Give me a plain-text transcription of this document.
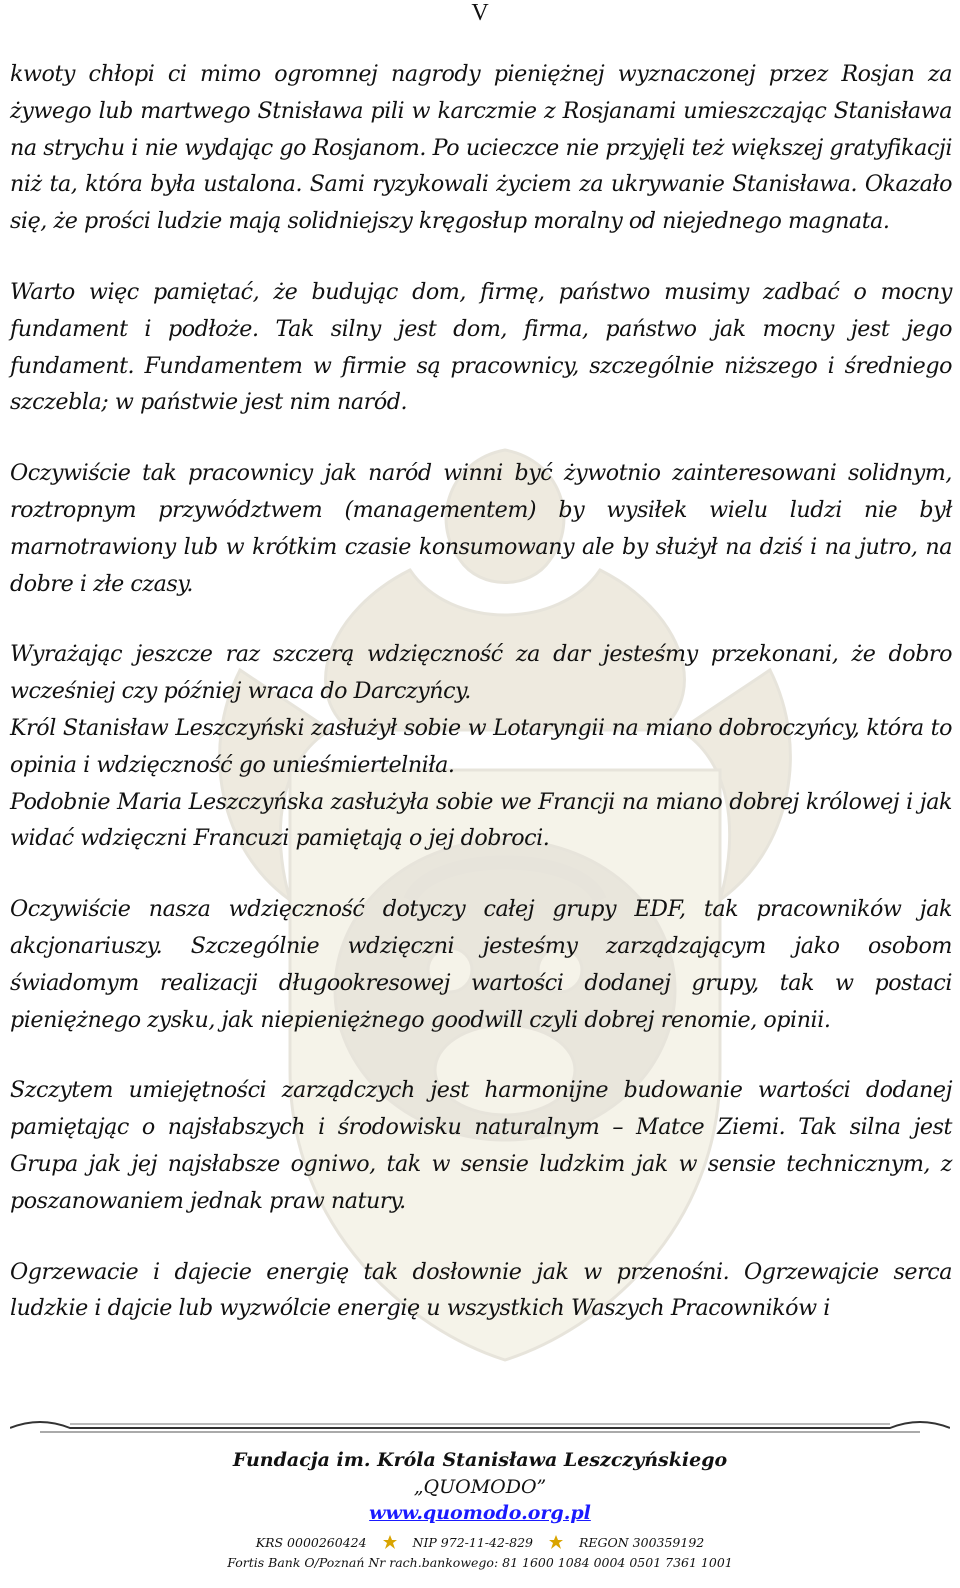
V

kwoty chłopi ci mimo ogromnej nagrody pieniężnej wyznaczonej przez Rosjan za żywego lub martwego Stnisława pili w karczmie z Rosjanami umieszczając Stanisława na strychu i nie wydając go Rosjanom. Po ucieczce nie przyjęli też większej gratyfikacji niż ta, która była ustalona. Sami ryzykowali życiem za ukrywanie Stanisława. Okazało się, że prości ludzie mają solidniejszy kręgosłup moralny od niejednego magnata.

Warto więc pamiętać, że budując dom, firmę, państwo musimy zadbać o mocny fundament i podłoże. Tak silny jest dom, firma, państwo jak mocny jest jego fundament. Fundamentem w firmie są pracownicy, szczególnie niższego i średniego szczebla; w państwie jest nim naród.

Oczywiście tak pracownicy jak naród winni być żywotnio zainteresowani solidnym, roztropnym przywództwem (managementem) by wysiłek wielu ludzi nie był marnotrawiony lub w krótkim czasie konsumowany ale by służył na dziś i na jutro, na dobre i złe czasy.

Wyrażając jeszcze raz szczerą wdzięczność za dar jesteśmy przekonani, że dobro wcześniej czy później wraca do Darczyńcy.

Król Stanisław Leszczyński zasłużył sobie w Lotaryngii na miano dobroczyńcy, która to opinia i wdzięczność go unieśmiertelniła.

Podobnie Maria Leszczyńska zasłużyła sobie we Francji na miano dobrej królowej i jak widać wdzięczni Francuzi pamiętają o jej dobroci.

Oczywiście nasza wdzięczność dotyczy całej grupy EDF, tak pracowników jak akcjonariuszy. Szczególnie wdzięczni jesteśmy zarządzającym jako osobom świadomym realizacji długookresowej wartości dodanej grupy, tak w postaci pieniężnego zysku, jak niepieniężnego goodwill czyli dobrej renomie, opinii.

Szczytem umiejętności zarządczych jest harmonijne budowanie wartości dodanej pamiętając o najsłabszych i środowisku naturalnym – Matce Ziemi. Tak silna jest Grupa jak jej najsłabsze ogniwo, tak w sensie ludzkim jak w sensie technicznym, z poszanowaniem jednak praw natury.

Ogrzewacie i dajecie energię tak dosłownie jak w przenośni. Ogrzewajcie serca ludzkie i dajcie lub wyzwólcie energię u wszystkich Waszych Pracowników i

Fundacja im. Króla Stanisława Leszczyńskiego
„QUOMODO”
www.quomodo.org.pl
KRS 0000260424	NIP 972-11-42-829	REGON 300359192
Fortis Bank O/Poznań Nr rach.bankowego: 81 1600 1084 0004 0501 7361 1001
